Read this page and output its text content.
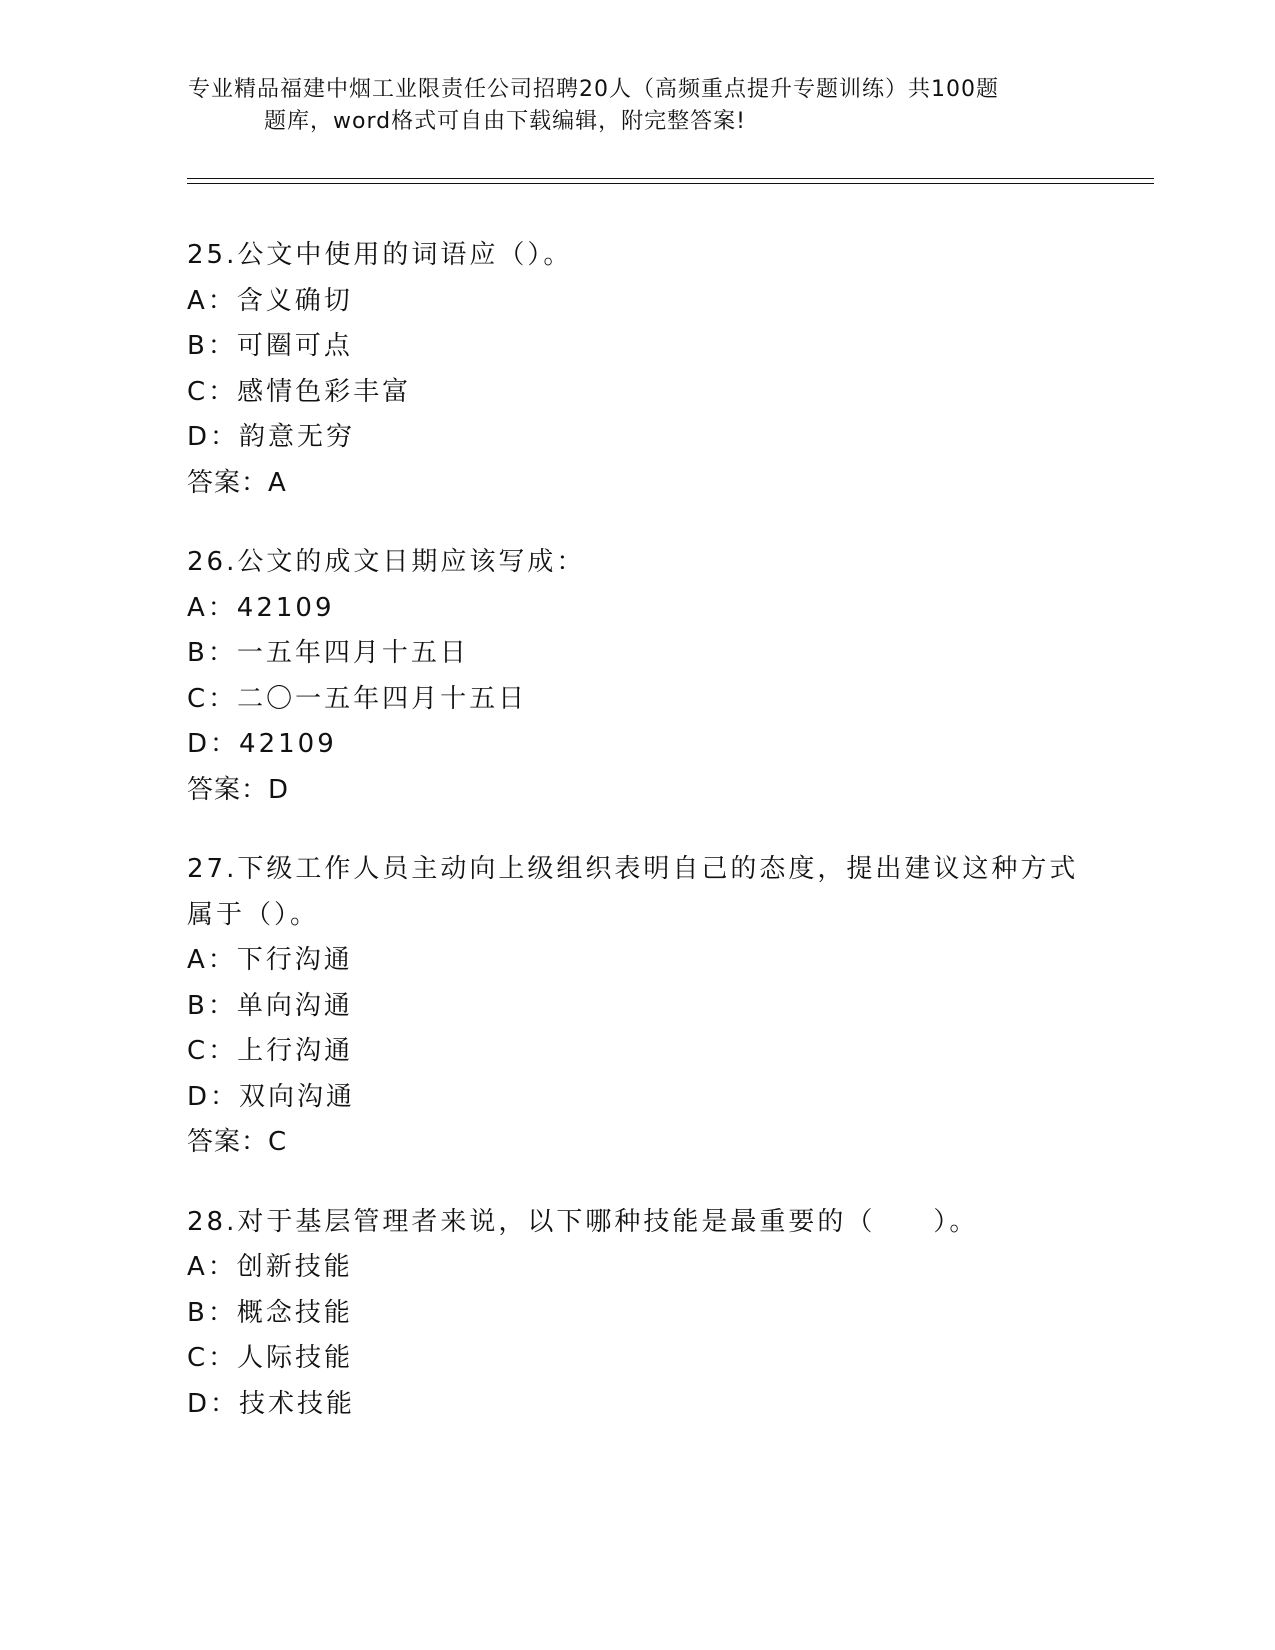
专业精品福建中烟工业限责任公司招聘20人（高频重点提升专题训练）共100题
题库，word格式可自由下载编辑，附完整答案!
25.公文中使用的词语应（）。
A：含义确切
B：可圈可点
C：感情色彩丰富
D：韵意无穷
答案：A
26.公文的成文日期应该写成：
A：42109
B：一五年四月十五日
C：二〇一五年四月十五日
D：42109
答案：D
27.下级工作人员主动向上级组织表明自己的态度，提出建议这种方式
属于（）。
A：下行沟通
B：单向沟通
C：上行沟通
D：双向沟通
答案：C
28.对于基层管理者来说，以下哪种技能是最重要的（　　）。
A：创新技能
B：概念技能
C：人际技能
D：技术技能
